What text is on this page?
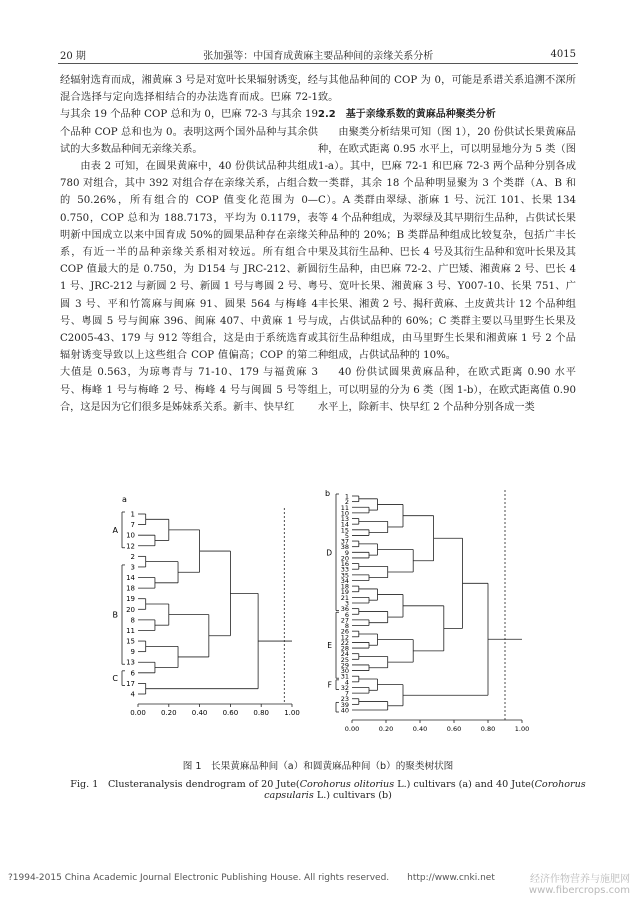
20 期	张加强等：中国育成黄麻主要品种间的亲缘关系分析	4015

经辐射选育而成，湘黄麻 3 号是对宽叶长果辐射诱变，经混合选择与定向选择相结合的办法选育而成。巴麻 72-1 与其余 19 个品种 COP 总和为 0，巴麻 72-3 与其余 19 个品种 COP 总和也为 0。表明这两个国外品种与其余供试的大多数品种间无亲缘关系。

由表 2 可知，在圆果黄麻中，40 份供试品种共组成 780 对组合，其中 392 对组合存在亲缘关系，占组合数的 50.26%，所有组合的 COP 值变化范围为 0—0.750，COP 总和为 188.7173，平均为 0.1179，表明新中国成立以来中国育成 50%的圆果品种存在亲缘关系，有近一半的品种亲缘关系相对较远。所有组合中 COP 值最大的是 0.750，为 D154 与 JRC-212、新圆 1 号、JRC-212 与新圆 2 号、新圆 1 号与粤圆 2 号、粤圆 3 号、平和竹篙麻与闽麻 91、圆果 564 与梅峰 4 号、粤圆 5 号与闽麻 396、闽麻 407、中黄麻 1 号与 C2005-43、179 与 912 等组合，这是由于系统选育或辐射诱变导致以上这些组合 COP 值偏高；COP 的第二大值是 0.563，为琼粤青与 71-10、179 与福黄麻 3 号、梅峰 1 号与梅峰 2 号、梅峰 4 号与闽圆 5 号等组合，这是因为它们很多是姊妹系关系。新丰、快早红

与其他品种间的 COP 为 0，可能是系谱关系追溯不深所致。

2.2　基于亲缘系数的黄麻品种聚类分析

由聚类分析结果可知（图 1），20 份供试长果黄麻品种，在欧式距离 0.95 水平上，可以明显地分为 5 类（图 1-a）。其中，巴麻 72-1 和巴麻 72-3 两个品种分别各成一类群，其余 18 个品种明显聚为 3 个类群（A、B 和 C）。A 类群由翠绿、浙麻 1 号、沅江 101、长果 134 等 4 个品种组成，为翠绿及其早期衍生品种，占供试长果种品种的 20%；B 类群品种组成比较复杂，包括广丰长果及其衍生品种、巴长 4 号及其衍生品种和宽叶长果及其衍生品种，由巴麻 72-2、广巴矮、湘黄麻 2 号、巴长 4 号、宽叶长果、湘黄麻 3 号、Y007-10、长果 751、广丰长果、湘黄 2 号、揭秆黄麻、土皮黄共计 12 个品种组成，占供试品种的 60%；C 类群主要以马里野生长果及其衍生品种组成，由马里野生长果和湘黄麻 1 号 2 个品种组成，占供试品种的 10%。

40 份供试圆果黄麻品种，在欧式距离 0.90 水平上，可以明显的分为 6 类（图 1-b），在欧式距离值 0.90 水平上，除新丰、快早红 2 个品种分别各成一类

a
b
1
7
10
12
2
3
14
18
19
20
8
11
15
9
13
6
17
4
0.00 0.20 0.40 0.60 0.80 1.00
A
B
C
1
2
11
10
13
14
15
5
37
38
9
20
16
33
35
34
18
19
21
3
36
6
27
8
26
12
22
28
24
25
29
30
31
4
32
7
23
39
40
0.00	0.20	0.40	0.60	0.80	1.00
D
E
F
图 1　长果黄麻品种间（a）和圆黄麻品种间（b）的聚类树状图
Fig. 1　Clusteranalysis dendrogram of 20 Jute(Corohorus olitorius L.) cultivars (a) and 40 Jute(Corohorus capsularis L.) cultivars (b)
?1994-2015 China Academic Journal Electronic Publishing House. All rights reserved.　　http://www.cnki.net	经济作物营养与施肥网
www.fibercrops.com
